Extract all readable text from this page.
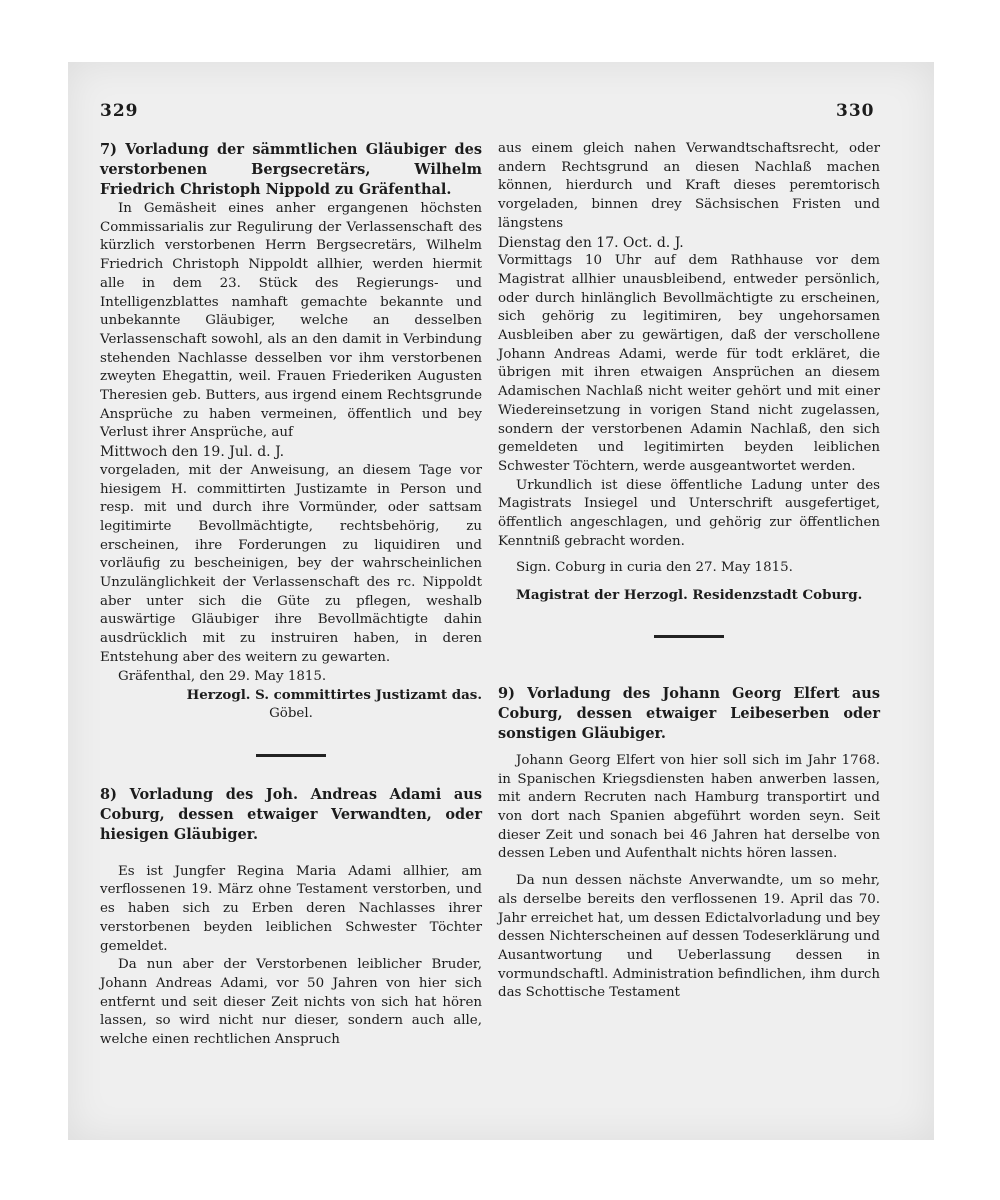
329	330

7) Vorladung der sämmtlichen Gläubiger des verstorbenen Bergsecretärs, Wilhelm Friedrich Christoph Nippold zu Gräfenthal.

In Gemäsheit eines anher ergangenen höchsten Commissarialis zur Regulirung der Verlassenschaft des kürzlich verstorbenen Herrn Bergsecretärs, Wilhelm Friedrich Christoph Nippoldt allhier, werden hiermit alle in dem 23. Stück des Regierungs- und Intelligenzblattes namhaft gemachte bekannte und unbekannte Gläubiger, welche an desselben Verlassenschaft sowohl, als an den damit in Verbindung stehenden Nachlasse desselben vor ihm verstorbenen zweyten Ehegattin, weil. Frauen Friederiken Augusten Theresien geb. Butters, aus irgend einem Rechtsgrunde Ansprüche zu haben vermeinen, öffentlich und bey Verlust ihrer Ansprüche, auf

Mittwoch den 19. Jul. d. J.

vorgeladen, mit der Anweisung, an diesem Tage vor hiesigem H. committirten Justizamte in Person und resp. mit und durch ihre Vormünder, oder sattsam legitimirte Bevollmächtigte, rechtsbehörig, zu erscheinen, ihre Forderungen zu liquidiren und vorläufig zu bescheinigen, bey der wahrscheinlichen Unzulänglichkeit der Verlassenschaft des rc. Nippoldt aber unter sich die Güte zu pflegen, weshalb auswärtige Gläubiger ihre Bevollmächtigte dahin ausdrücklich mit zu instruiren haben, in deren Entstehung aber des weitern zu gewarten.

Gräfenthal, den 29. May 1815.

Herzogl. S. committirtes Justizamt das.

Göbel.

8) Vorladung des Joh. Andreas Adami aus Coburg, dessen etwaiger Verwandten, oder hiesigen Gläubiger.

Es ist Jungfer Regina Maria Adami allhier, am verflossenen 19. März ohne Testament verstorben, und es haben sich zu Erben deren Nachlasses ihrer verstorbenen beyden leiblichen Schwester Töchter gemeldet.

Da nun aber der Verstorbenen leiblicher Bruder, Johann Andreas Adami, vor 50 Jahren von hier sich entfernt und seit dieser Zeit nichts von sich hat hören lassen, so wird nicht nur dieser, sondern auch alle, welche einen rechtlichen Anspruch

aus einem gleich nahen Verwandtschaftsrecht, oder andern Rechtsgrund an diesen Nachlaß machen können, hierdurch und Kraft dieses peremtorisch vorgeladen, binnen drey Sächsischen Fristen und längstens

Dienstag den 17. Oct. d. J.

Vormittags 10 Uhr auf dem Rathhause vor dem Magistrat allhier unausbleibend, entweder persönlich, oder durch hinlänglich Bevollmächtigte zu erscheinen, sich gehörig zu legitimiren, bey ungehorsamen Ausbleiben aber zu gewärtigen, daß der verschollene Johann Andreas Adami, werde für todt erkläret, die übrigen mit ihren etwaigen Ansprüchen an diesem Adamischen Nachlaß nicht weiter gehört und mit einer Wiedereinsetzung in vorigen Stand nicht zugelassen, sondern der verstorbenen Adamin Nachlaß, den sich gemeldeten und legitimirten beyden leiblichen Schwester Töchtern, werde ausgeantwortet werden.

Urkundlich ist diese öffentliche Ladung unter des Magistrats Insiegel und Unterschrift ausgefertiget, öffentlich angeschlagen, und gehörig zur öffentlichen Kenntniß gebracht worden.

Sign. Coburg in curia den 27. May 1815.

Magistrat der Herzogl. Residenzstadt Coburg.

9) Vorladung des Johann Georg Elfert aus Coburg, dessen etwaiger Leibeserben oder sonstigen Gläubiger.

Johann Georg Elfert von hier soll sich im Jahr 1768. in Spanischen Kriegsdiensten haben anwerben lassen, mit andern Recruten nach Hamburg transportirt und von dort nach Spanien abgeführt worden seyn. Seit dieser Zeit und sonach bei 46 Jahren hat derselbe von dessen Leben und Aufenthalt nichts hören lassen.

Da nun dessen nächste Anverwandte, um so mehr, als derselbe bereits den verflossenen 19. April das 70. Jahr erreichet hat, um dessen Edictalvorladung und bey dessen Nichterscheinen auf dessen Todeserklärung und Ausantwortung und Ueberlassung dessen in vormundschaftl. Administration befindlichen, ihm durch das Schottische Testament
